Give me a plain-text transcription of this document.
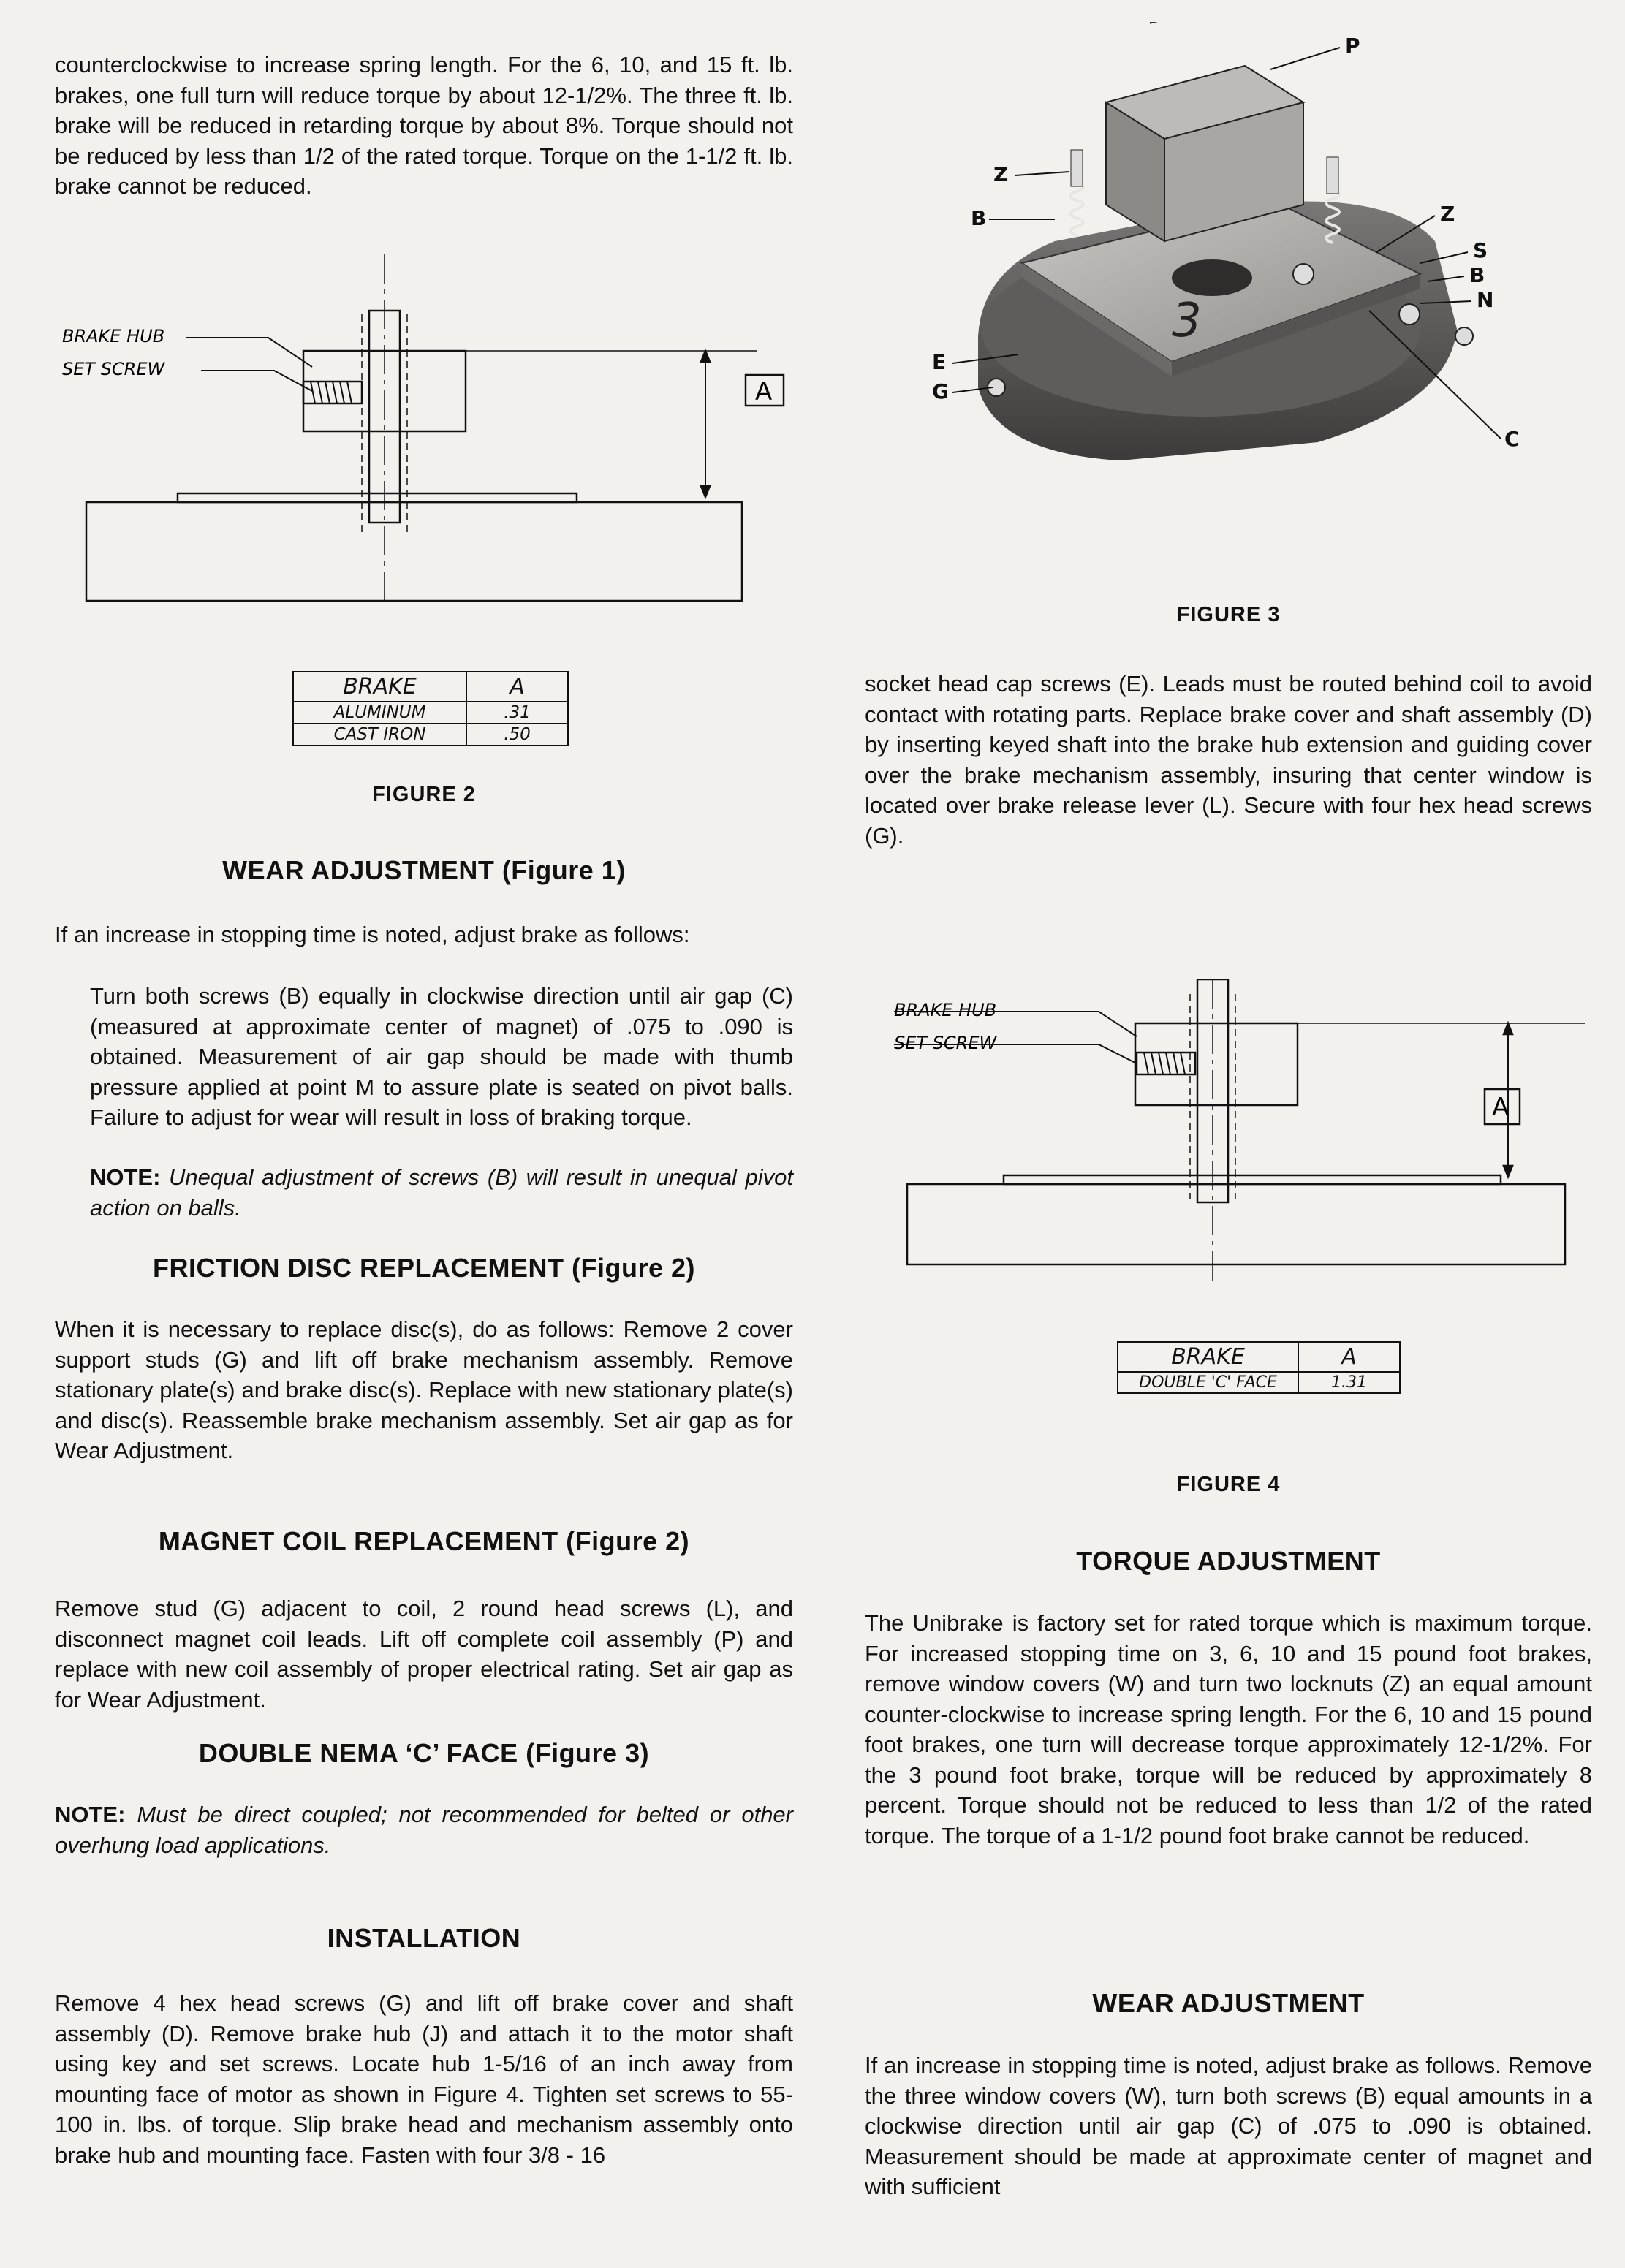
counterclockwise to increase spring length. For the 6, 10, and 15 ft. lb. brakes, one full turn will reduce torque by about 12-1/2%. The three ft. lb. brake will be reduced in retarding torque by about 8%. Torque should not be reduced by less than 1/2 of the rated torque. Torque on the 1-1/2 ft. lb. brake cannot be reduced.

BRAKE HUB
SET SCREW
A
BRAKE	A
ALUMINUM	.31
CAST IRON	.50
FIGURE 2
WEAR ADJUSTMENT (Figure 1)

If an increase in stopping time is noted, adjust brake as follows:

Turn both screws (B) equally in clockwise direction until air gap (C) (measured at approximate center of magnet) of .075 to .090 is obtained. Measurement of air gap should be made with thumb pressure applied at point M to assure plate is seated on pivot balls. Failure to adjust for wear will result in loss of braking torque.

NOTE: Unequal adjustment of screws (B) will result in unequal pivot action on balls.

FRICTION DISC REPLACEMENT (Figure 2)

When it is necessary to replace disc(s), do as follows: Remove 2 cover support studs (G) and lift off brake mechanism assembly. Remove stationary plate(s) and brake disc(s). Replace with new stationary plate(s) and disc(s). Reassemble brake mechanism assembly. Set air gap as for Wear Adjustment.

MAGNET COIL REPLACEMENT (Figure 2)

Remove stud (G) adjacent to coil, 2 round head screws (L), and disconnect magnet coil leads. Lift off complete coil assembly (P) and replace with new coil assembly of proper electrical rating. Set air gap as for Wear Adjustment.

DOUBLE NEMA ‘C’ FACE (Figure 3)

NOTE: Must be direct coupled; not recommended for belted or other overhung load applications.

INSTALLATION

Remove 4 hex head screws (G) and lift off brake cover and shaft assembly (D). Remove brake hub (J) and attach it to the motor shaft using key and set screws. Locate hub 1-5/16 of an inch away from mounting face of motor as shown in Figure 4. Tighten set screws to 55-100 in. lbs. of torque. Slip brake head and mechanism assembly onto brake hub and mounting face. Fasten with four 3/8 - 16

3
P
Z
B	Z
S
B
N
E
G
C
FIGURE 3

socket head cap screws (E). Leads must be routed behind coil to avoid contact with rotating parts. Replace brake cover and shaft assembly (D) by inserting keyed shaft into the brake hub extension and guiding cover over the brake mechanism assembly, insuring that center window is located over brake release lever (L). Secure with four hex head screws (G).

BRAKE HUB
SET SCREW
A
BRAKE	A
DOUBLE 'C' FACE	1.31
FIGURE 4
TORQUE ADJUSTMENT

The Unibrake is factory set for rated torque which is maximum torque. For increased stopping time on 3, 6, 10 and 15 pound foot brakes, remove window covers (W) and turn two locknuts (Z) an equal amount counter-clockwise to increase spring length. For the 6, 10 and 15 pound foot brakes, one turn will decrease torque approximately 12-1/2%. For the 3 pound foot brake, torque will be reduced by approximately 8 percent. Torque should not be reduced to less than 1/2 of the rated torque. The torque of a 1-1/2 pound foot brake cannot be reduced.

WEAR ADJUSTMENT

If an increase in stopping time is noted, adjust brake as follows. Remove the three window covers (W), turn both screws (B) equal amounts in a clockwise direction until air gap (C) of .075 to .090 is obtained. Measurement should be made at approximate center of magnet and with sufficient
